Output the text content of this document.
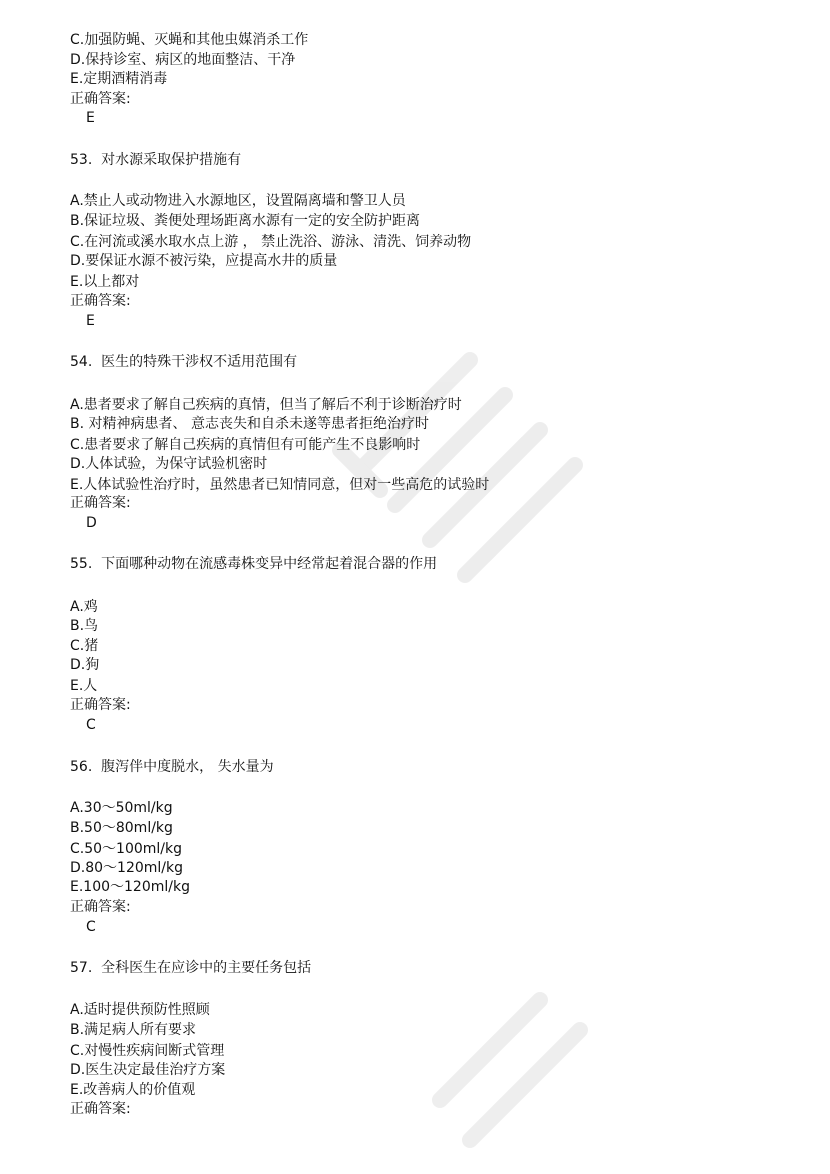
C.加强防蝇、灭蝇和其他虫媒消杀工作
D.保持诊室、病区的地面整洁、干净
E.定期酒精消毒
正确答案:
E
53. 对水源采取保护措施有
A.禁止人或动物进入水源地区，设置隔离墙和警卫人员
B.保证垃圾、粪便处理场距离水源有一定的安全防护距离
C.在河流或溪水取水点上游 ， 禁止洗浴、游泳、清洗、饲养动物
D.要保证水源不被污染，应提高水井的质量
E.以上都对
正确答案:
E
54. 医生的特殊干涉权不适用范围有
A.患者要求了解自己疾病的真情，但当了解后不利于诊断治疗时
B. 对精神病患者、 意志丧失和自杀未遂等患者拒绝治疗时
C.患者要求了解自己疾病的真情但有可能产生不良影响时
D.人体试验，为保守试验机密时
E.人体试验性治疗时，虽然患者已知情同意，但对一些高危的试验时
正确答案:
D
55. 下面哪种动物在流感毒株变异中经常起着混合器的作用
A.鸡
B.鸟
C.猪
D.狗
E.人
正确答案:
C
56. 腹泻伴中度脱水， 失水量为
A.30～50ml/kg
B.50～80ml/kg
C.50～100ml/kg
D.80～120ml/kg
E.100～120ml/kg
正确答案:
C
57. 全科医生在应诊中的主要任务包括
A.适时提供预防性照顾
B.满足病人所有要求
C.对慢性疾病间断式管理
D.医生决定最佳治疗方案
E.改善病人的价值观
正确答案:
